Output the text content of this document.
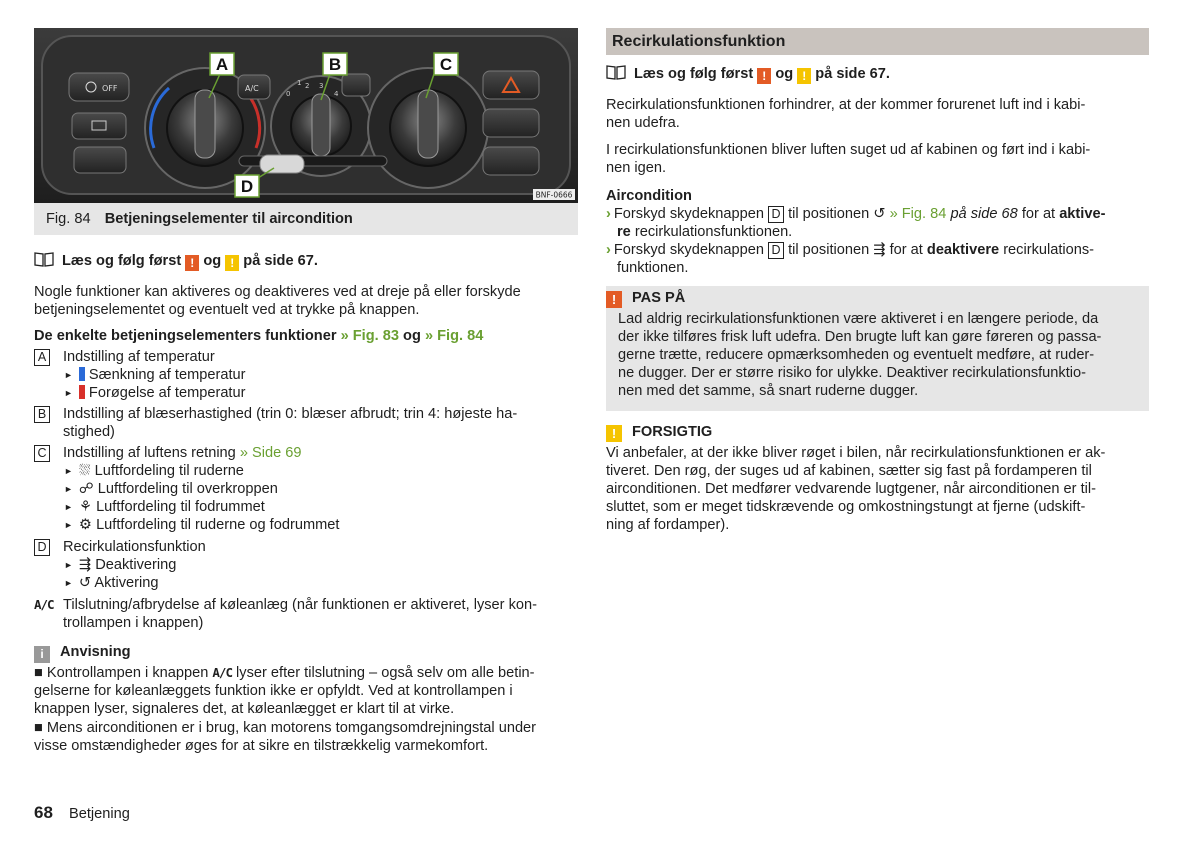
OFF
0
1 2 3
4
A/C
A	B	C
D	BNF-0666
Fig. 84 Betjeningselementer til aircondition
Læs og følg først ! og ! på side 67.
Nogle funktioner kan aktiveres og deaktiveres ved at dreje på eller forskyde betjeningselementet og eventuelt ved at trykke på knappen.
De enkelte betjeningselementers funktioner » Fig. 83 og » Fig. 84
A Indstilling af temperatur
► Sænkning af temperatur
► Forøgelse af temperatur
B Indstilling af blæserhastighed (trin 0: blæser afbrudt; trin 4: højeste ha-
stighed)
C Indstilling af luftens retning » Side 69
► ⛆ Luftfordeling til ruderne
► ☍ Luftfordeling til overkroppen
► ⚘ Luftfordeling til fodrummet
► ⚙ Luftfordeling til ruderne og fodrummet
D Recirkulationsfunktion
► ⇶ Deaktivering
► ↺ Aktivering
A/C Tilslutning/afbrydelse af køleanlæg (når funktionen er aktiveret, lyser kon-
trollampen i knappen)
i Anvisning
■ Kontrollampen i knappen A/C lyser efter tilslutning – også selv om alle betin-
gelserne for køleanlæggets funktion ikke er opfyldt. Ved at kontrollampen i
knappen lyser, signaleres det, at køleanlægget er klart til at virke.
■ Mens airconditionen er i brug, kan motorens tomgangsomdrejningstal under
visse omstændigheder øges for at sikre en tilstrækkelig varmekomfort.
Recirkulationsfunktion
Læs og følg først ! og ! på side 67.
Recirkulationsfunktionen forhindrer, at der kommer forurenet luft ind i kabi-
nen udefra.
I recirkulationsfunktionen bliver luften suget ud af kabinen og ført ind i kabi-
nen igen.
Aircondition
› Forskyd skydeknappen D til positionen ↺ » Fig. 84 på side 68 for at aktive-
re recirkulationsfunktionen.
› Forskyd skydeknappen D til positionen ⇶ for at deaktivere recirkulations-
funktionen.
! PAS PÅ
Lad aldrig recirkulationsfunktionen være aktiveret i en længere periode, da
der ikke tilføres frisk luft udefra. Den brugte luft kan gøre føreren og passa-
gerne trætte, reducere opmærksomheden og eventuelt medføre, at ruder-
ne dugger. Der er større risiko for ulykke. Deaktiver recirkulationsfunktio-
nen med det samme, så snart ruderne dugger.
! FORSIGTIG
Vi anbefaler, at der ikke bliver røget i bilen, når recirkulationsfunktionen er ak-
tiveret. Den røg, der suges ud af kabinen, sætter sig fast på fordamperen til
airconditionen. Det medfører vedvarende lugtgener, når airconditionen er til-
sluttet, som er meget tidskrævende og omkostningstungt at fjerne (udskift-
ning af fordamper).
68 Betjening
